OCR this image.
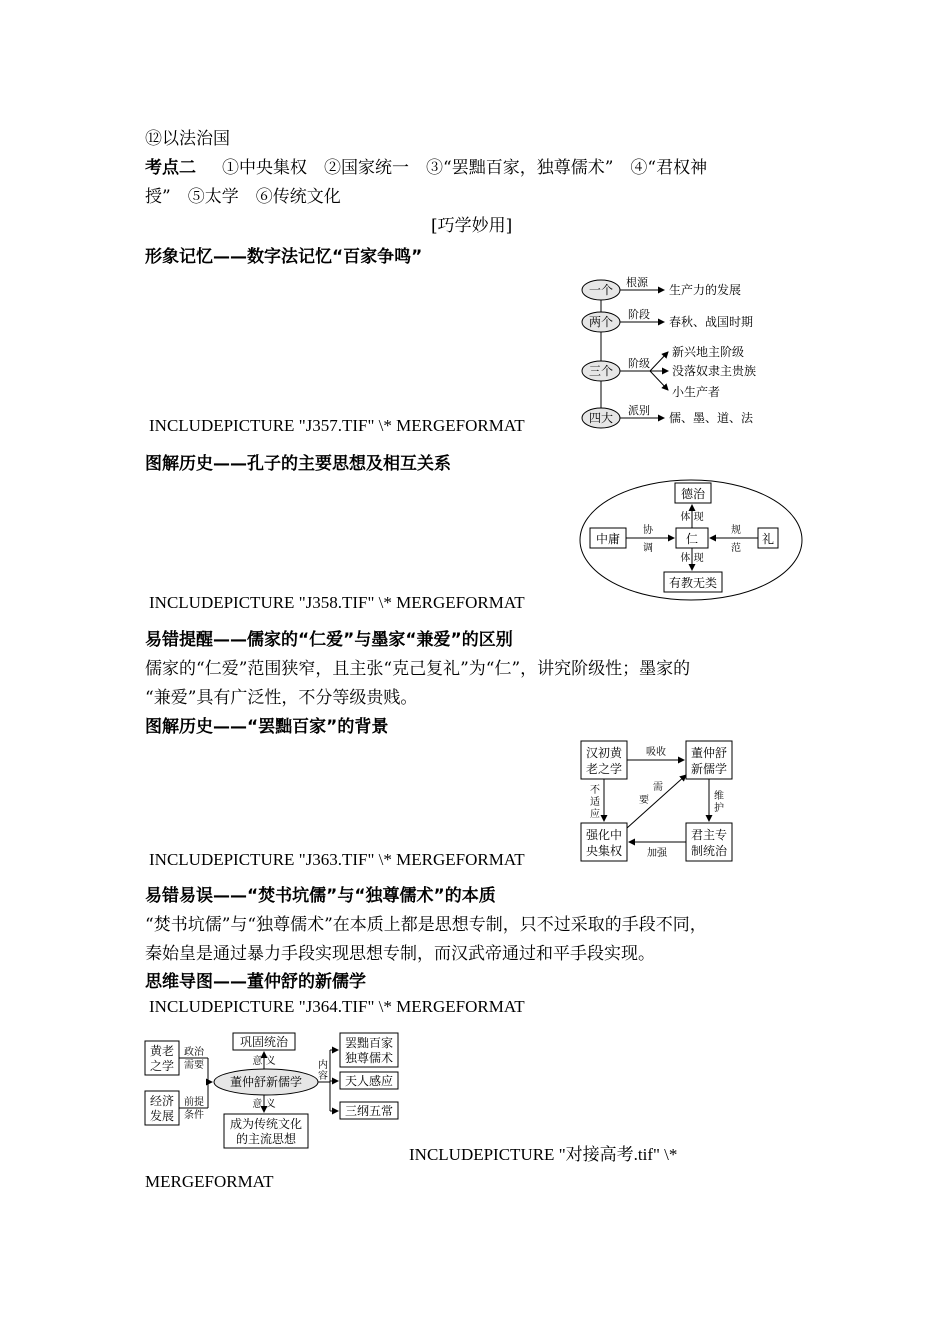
⑫以法治国
考点二 ①中央集权　②国家统一　③“罢黜百家，独尊儒术”　④“君权神
授”　⑤太学　⑥传统文化
[巧学妙用]
形象记忆——数字法记忆“百家争鸣”
INCLUDEPICTURE "J357.TIF" \* MERGEFORMAT
图解历史——孔子的主要思想及相互关系
INCLUDEPICTURE "J358.TIF" \* MERGEFORMAT
易错提醒——儒家的“仁爱”与墨家“兼爱”的区别
儒家的“仁爱”范围狭窄，且主张“克己复礼”为“仁”，讲究阶级性；墨家的
“兼爱”具有广泛性，不分等级贵贱。
图解历史——“罢黜百家”的背景
INCLUDEPICTURE "J363.TIF" \* MERGEFORMAT
易错易误——“焚书坑儒”与“独尊儒术”的本质
“焚书坑儒”与“独尊儒术”在本质上都是思想专制，只不过采取的手段不同，
秦始皇是通过暴力手段实现思想专制，而汉武帝通过和平手段实现。
思维导图——董仲舒的新儒学
INCLUDEPICTURE "J364.TIF" \* MERGEFORMAT
INCLUDEPICTURE "对接高考.tif" \*
MERGEFORMAT
一个
两个
三个
四大
根源
阶段
阶级
派别
生产力的发展
春秋、战国时期
新兴地主阶级
没落奴隶主贵族
小生产者
儒、墨、道、法
德治
仁
中庸	礼
有教无类
体 现
体 现
协
调
规
范
汉初黄
老之学
董仲舒
新儒学
强化中
央集权
君主专
制统治
吸收
不
适
应
需
要	维
护
加强
黄老
之学
经济
发展
董仲舒新儒学
巩固统治
成为传统文化
的主流思想
罢黜百家
独尊儒术
天人感应
三纲五常
政治
需要
前提
条件
意 义
意 义
内
容
